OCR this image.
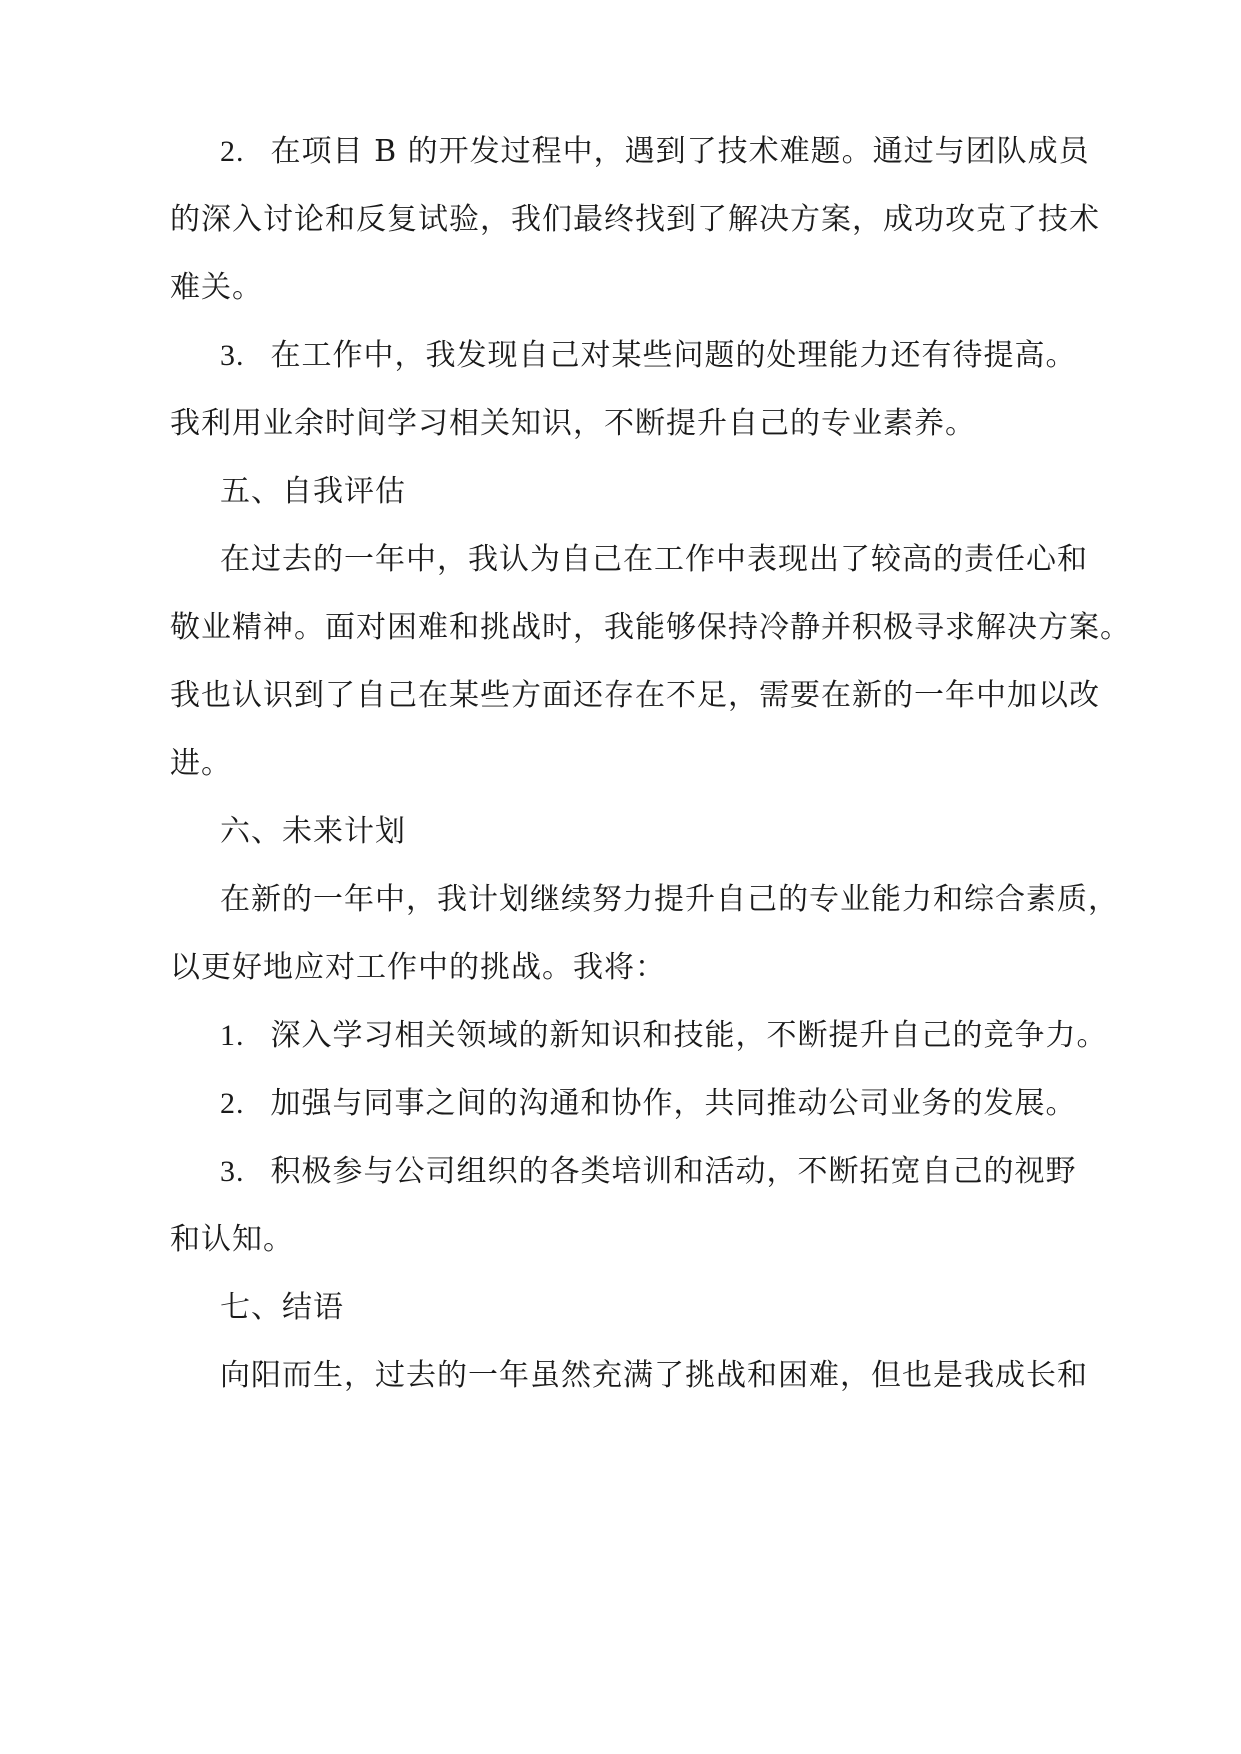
2. 在项目 B 的开发过程中，遇到了技术难题。通过与团队成员
的深入讨论和反复试验，我们最终找到了解决方案，成功攻克了技术
难关。
3. 在工作中，我发现自己对某些问题的处理能力还有待提高。
我利用业余时间学习相关知识，不断提升自己的专业素养。
五、自我评估
在过去的一年中，我认为自己在工作中表现出了较高的责任心和
敬业精神。面对困难和挑战时，我能够保持冷静并积极寻求解决方案。
我也认识到了自己在某些方面还存在不足，需要在新的一年中加以改
进。
六、未来计划
在新的一年中，我计划继续努力提升自己的专业能力和综合素质，
以更好地应对工作中的挑战。我将：
1. 深入学习相关领域的新知识和技能，不断提升自己的竞争力。
2. 加强与同事之间的沟通和协作，共同推动公司业务的发展。
3. 积极参与公司组织的各类培训和活动，不断拓宽自己的视野
和认知。
七、结语
向阳而生，过去的一年虽然充满了挑战和困难，但也是我成长和
